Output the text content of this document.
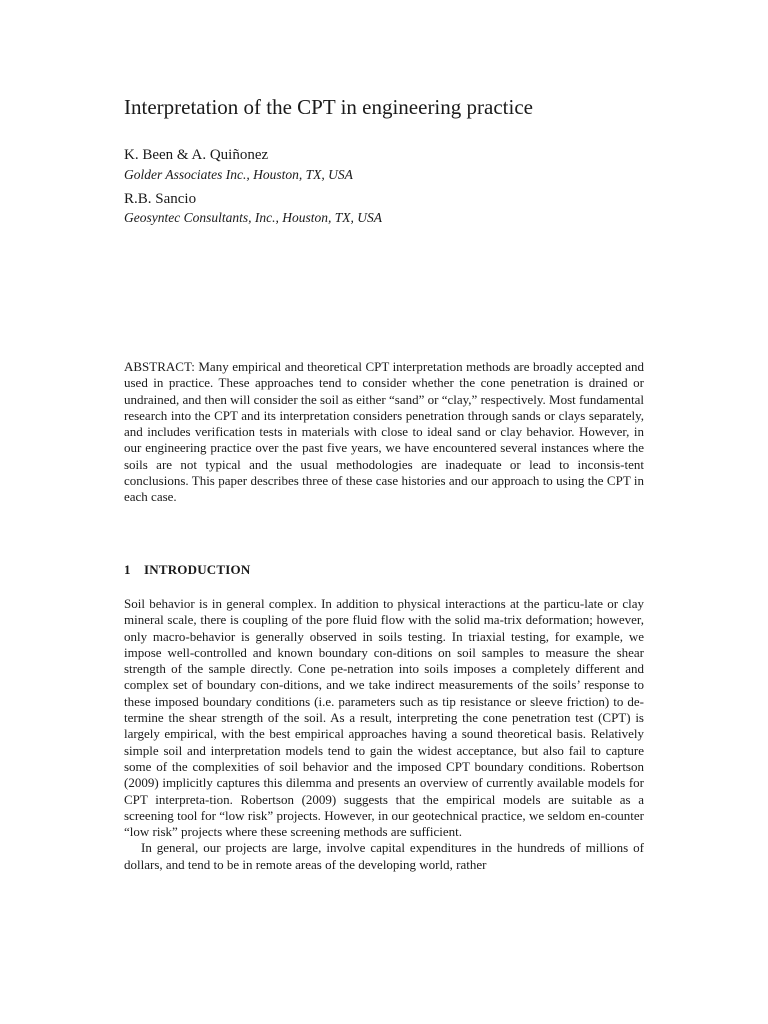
Interpretation of the CPT in engineering practice

K. Been & A. Quiñonez

Golder Associates Inc., Houston, TX, USA

R.B. Sancio

Geosyntec Consultants, Inc., Houston, TX, USA

ABSTRACT: Many empirical and theoretical CPT interpretation methods are broadly accepted and used in practice. These approaches tend to consider whether the cone penetration is drained or undrained, and then will consider the soil as either “sand” or “clay,” respectively. Most fundamental research into the CPT and its interpretation considers penetration through sands or clays separately, and includes verification tests in materials with close to ideal sand or clay behavior. However, in our engineering practice over the past five years, we have encountered several instances where the soils are not typical and the usual methodologies are inadequate or lead to inconsis-tent conclusions. This paper describes three of these case histories and our approach to using the CPT in each case.

1 INTRODUCTION

Soil behavior is in general complex. In addition to physical interactions at the particu-late or clay mineral scale, there is coupling of the pore fluid flow with the solid ma-trix deformation; however, only macro-behavior is generally observed in soils testing. In triaxial testing, for example, we impose well-controlled and known boundary con-ditions on soil samples to measure the shear strength of the sample directly. Cone pe-netration into soils imposes a completely different and complex set of boundary con-ditions, and we take indirect measurements of the soils’ response to these imposed boundary conditions (i.e. parameters such as tip resistance or sleeve friction) to de-termine the shear strength of the soil. As a result, interpreting the cone penetration test (CPT) is largely empirical, with the best empirical approaches having a sound theoretical basis. Relatively simple soil and interpretation models tend to gain the widest acceptance, but also fail to capture some of the complexities of soil behavior and the imposed CPT boundary conditions. Robertson (2009) implicitly captures this dilemma and presents an overview of currently available models for CPT interpreta-tion. Robertson (2009) suggests that the empirical models are suitable as a screening tool for “low risk” projects. However, in our geotechnical practice, we seldom en-counter “low risk” projects where these screening methods are sufficient.

In general, our projects are large, involve capital expenditures in the hundreds of millions of dollars, and tend to be in remote areas of the developing world, rather
